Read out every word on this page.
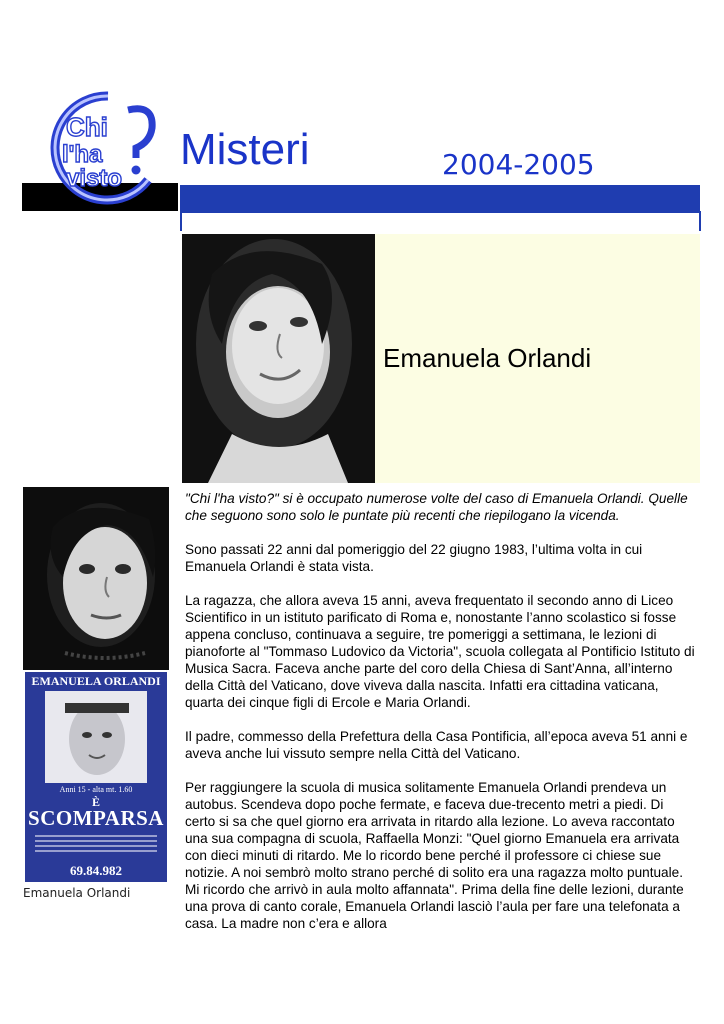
Chi
l'ha
visto
Misteri	2004-2005
Emanuela Orlandi
EMANUELA ORLANDI
Anni 15 - alta mt. 1.60
È
SCOMPARSA
69.84.982
Emanuela Orlandi

"Chi l'ha visto?" si è occupato numerose volte del caso di Emanuela Orlandi. Quelle che seguono sono solo le puntate più recenti che riepilogano la vicenda.

Sono passati 22 anni dal pomeriggio del 22 giugno 1983, l’ultima volta in cui Emanuela Orlandi è stata vista.

La ragazza, che allora aveva 15 anni, aveva frequentato il secondo anno di Liceo Scientifico in un istituto parificato di Roma e, nonostante l’anno scolastico si fosse appena concluso, continuava a seguire, tre pomeriggi a settimana, le lezioni di pianoforte al "Tommaso Ludovico da Victoria", scuola collegata al Pontificio Istituto di Musica Sacra. Faceva anche parte del coro della Chiesa di Sant’Anna, all’interno della Città del Vaticano, dove viveva dalla nascita. Infatti era cittadina vaticana, quarta dei cinque figli di Ercole e Maria Orlandi.

Il padre, commesso della Prefettura della Casa Pontificia, all’epoca aveva 51 anni e aveva anche lui vissuto sempre nella Città del Vaticano.

Per raggiungere la scuola di musica solitamente Emanuela Orlandi prendeva un autobus. Scendeva dopo poche fermate, e faceva due-trecento metri a piedi. Di certo si sa che quel giorno era arrivata in ritardo alla lezione. Lo aveva raccontato una sua compagna di scuola, Raffaella Monzi: "Quel giorno Emanuela era arrivata con dieci minuti di ritardo. Me lo ricordo bene perché il professore ci chiese sue notizie. A noi sembrò molto strano perché di solito era una ragazza molto puntuale. Mi ricordo che arrivò in aula molto affannata". Prima della fine delle lezioni, durante una prova di canto corale, Emanuela Orlandi lasciò l’aula per fare una telefonata a casa. La madre non c’era e allora
